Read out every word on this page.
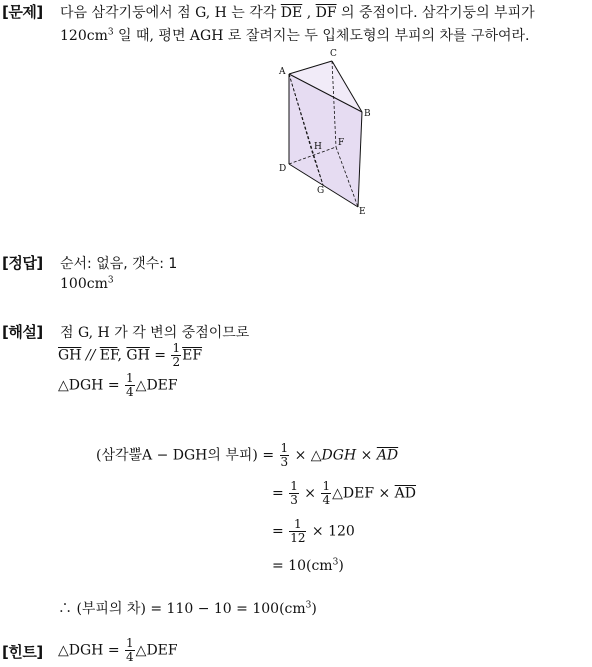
[문제] 다음 삼각기둥에서 점 G, H 는 각각 $\overline{DE}$ , $\overline{DF}$ 의 중점이다. 삼각기둥의 부피가
$120cm^3$ 일 때, 평면 AGH 로 잘려지는 두 입체도형의 부피의 차를 구하여라.
A
B
C
D
E
F
G
H
[정답] 순서: 없음, 갯수: 1
$100cm^3$
[해설] 점 G, H 가 각 변의 중점이므로
$\overline{GH} // \overline{EF}$, $\overline{GH} = \frac{1}{2} \overline{EF}$
△DGH = $\frac{1}{4}$ △DEF
(삼각뿔A − DGH의 부피) = $\frac{1}{3}$ × △DGH × $\overline{AD}$
= $\frac{1}{3} \times \frac{1}{4}$ △DEF × $\overline{AD}$
= $\frac{1}{12} \times 120$
= $10(cm^3)$
∴ (부피의 차) = $110 - 10 = 100(cm^3)$
[힌트] △DGH = $\frac{1}{4}$ △DEF
